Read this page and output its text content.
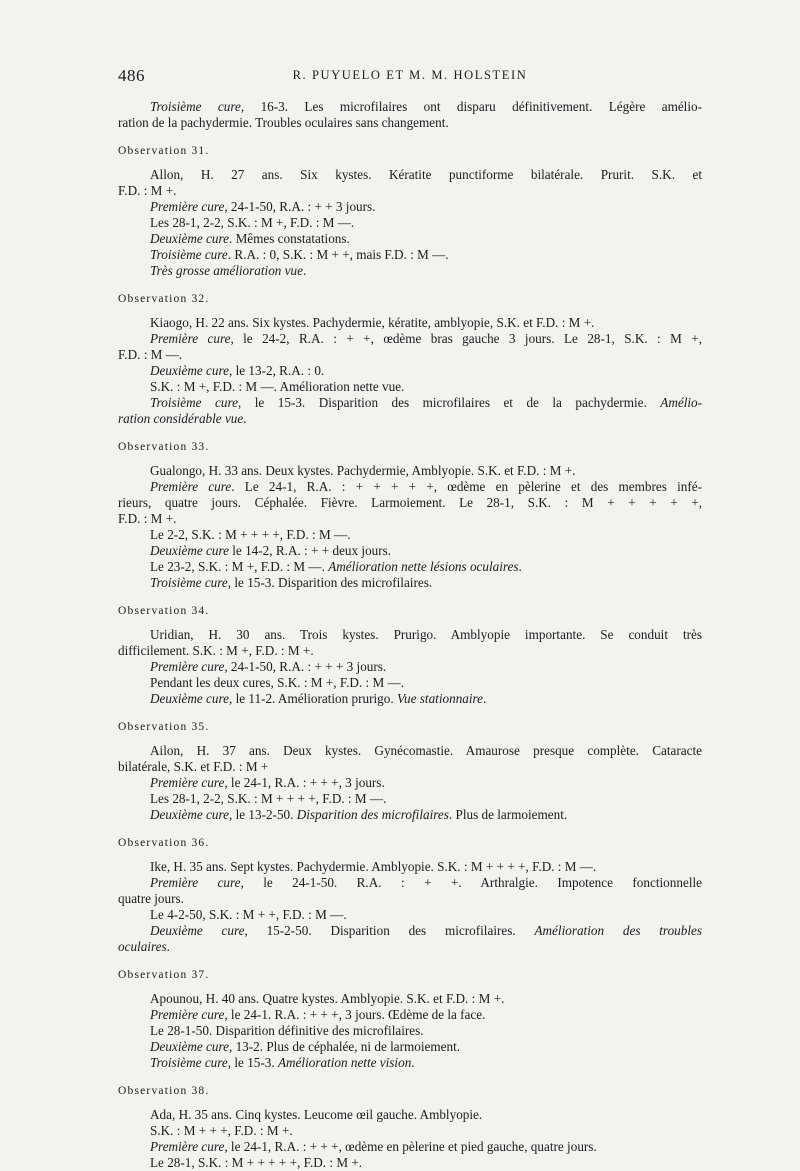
486	R. PUYUELO ET M. M. HOLSTEIN
Troisième cure, 16-3. Les microfilaires ont disparu définitivement. Légère amélio-
ration de la pachydermie. Troubles oculaires sans changement.
Observation 31.
Allon, H. 27 ans. Six kystes. Kératite punctiforme bilatérale. Prurit. S.K. et
F.D. : M +.
Première cure, 24-1-50, R.A. : + + 3 jours.
Les 28-1, 2-2, S.K. : M +, F.D. : M —.
Deuxième cure. Mêmes constatations.
Troisième cure. R.A. : 0, S.K. : M + +, mais F.D. : M —.
Très grosse amélioration vue.
Observation 32.
Kiaogo, H. 22 ans. Six kystes. Pachydermie, kératite, amblyopie, S.K. et F.D. : M +.
Première cure, le 24-2, R.A. : + +, œdème bras gauche 3 jours. Le 28-1, S.K. : M +,
F.D. : M —.
Deuxième cure, le 13-2, R.A. : 0.
S.K. : M +, F.D. : M —. Amélioration nette vue.
Troisième cure, le 15-3. Disparition des microfilaires et de la pachydermie. Amélio-
ration considérable vue.
Observation 33.
Gualongo, H. 33 ans. Deux kystes. Pachydermie, Amblyopie. S.K. et F.D. : M +.
Première cure. Le 24-1, R.A. : + + + + +, œdème en pèlerine et des membres infé-
rieurs, quatre jours. Céphalée. Fièvre. Larmoiement. Le 28-1, S.K. : M + + + + +,
F.D. : M +.
Le 2-2, S.K. : M + + + +, F.D. : M —.
Deuxième cure le 14-2, R.A. : + + deux jours.
Le 23-2, S.K. : M +, F.D. : M —. Amélioration nette lésions oculaires.
Troisième cure, le 15-3. Disparition des microfilaires.
Observation 34.
Uridian, H. 30 ans. Trois kystes. Prurigo. Amblyopie importante. Se conduit très
difficilement. S.K. : M +, F.D. : M +.
Première cure, 24-1-50, R.A. : + + + 3 jours.
Pendant les deux cures, S.K. : M +, F.D. : M —.
Deuxième cure, le 11-2. Amélioration prurigo. Vue stationnaire.
Observation 35.
Ailon, H. 37 ans. Deux kystes. Gynécomastie. Amaurose presque complète. Cataracte
bilatérale, S.K. et F.D. : M +
Première cure, le 24-1, R.A. : + + +, 3 jours.
Les 28-1, 2-2, S.K. : M + + + +, F.D. : M —.
Deuxième cure, le 13-2-50. Disparition des microfilaires. Plus de larmoiement.
Observation 36.
Ike, H. 35 ans. Sept kystes. Pachydermie. Amblyopie. S.K. : M + + + +, F.D. : M —.
Première cure, le 24-1-50. R.A. : + +. Arthralgie. Impotence fonctionnelle
quatre jours.
Le 4-2-50, S.K. : M + +, F.D. : M —.
Deuxième cure, 15-2-50. Disparition des microfilaires. Amélioration des troubles
oculaires.
Observation 37.
Apounou, H. 40 ans. Quatre kystes. Amblyopie. S.K. et F.D. : M +.
Première cure, le 24-1. R.A. : + + +, 3 jours. Œdème de la face.
Le 28-1-50. Disparition définitive des microfilaires.
Deuxième cure, 13-2. Plus de céphalée, ni de larmoiement.
Troisième cure, le 15-3. Amélioration nette vision.
Observation 38.
Ada, H. 35 ans. Cinq kystes. Leucome œil gauche. Amblyopie.
S.K. : M + + +, F.D. : M +.
Première cure, le 24-1, R.A. : + + +, œdème en pèlerine et pied gauche, quatre jours.
Le 28-1, S.K. : M + + + + +, F.D. : M +.
